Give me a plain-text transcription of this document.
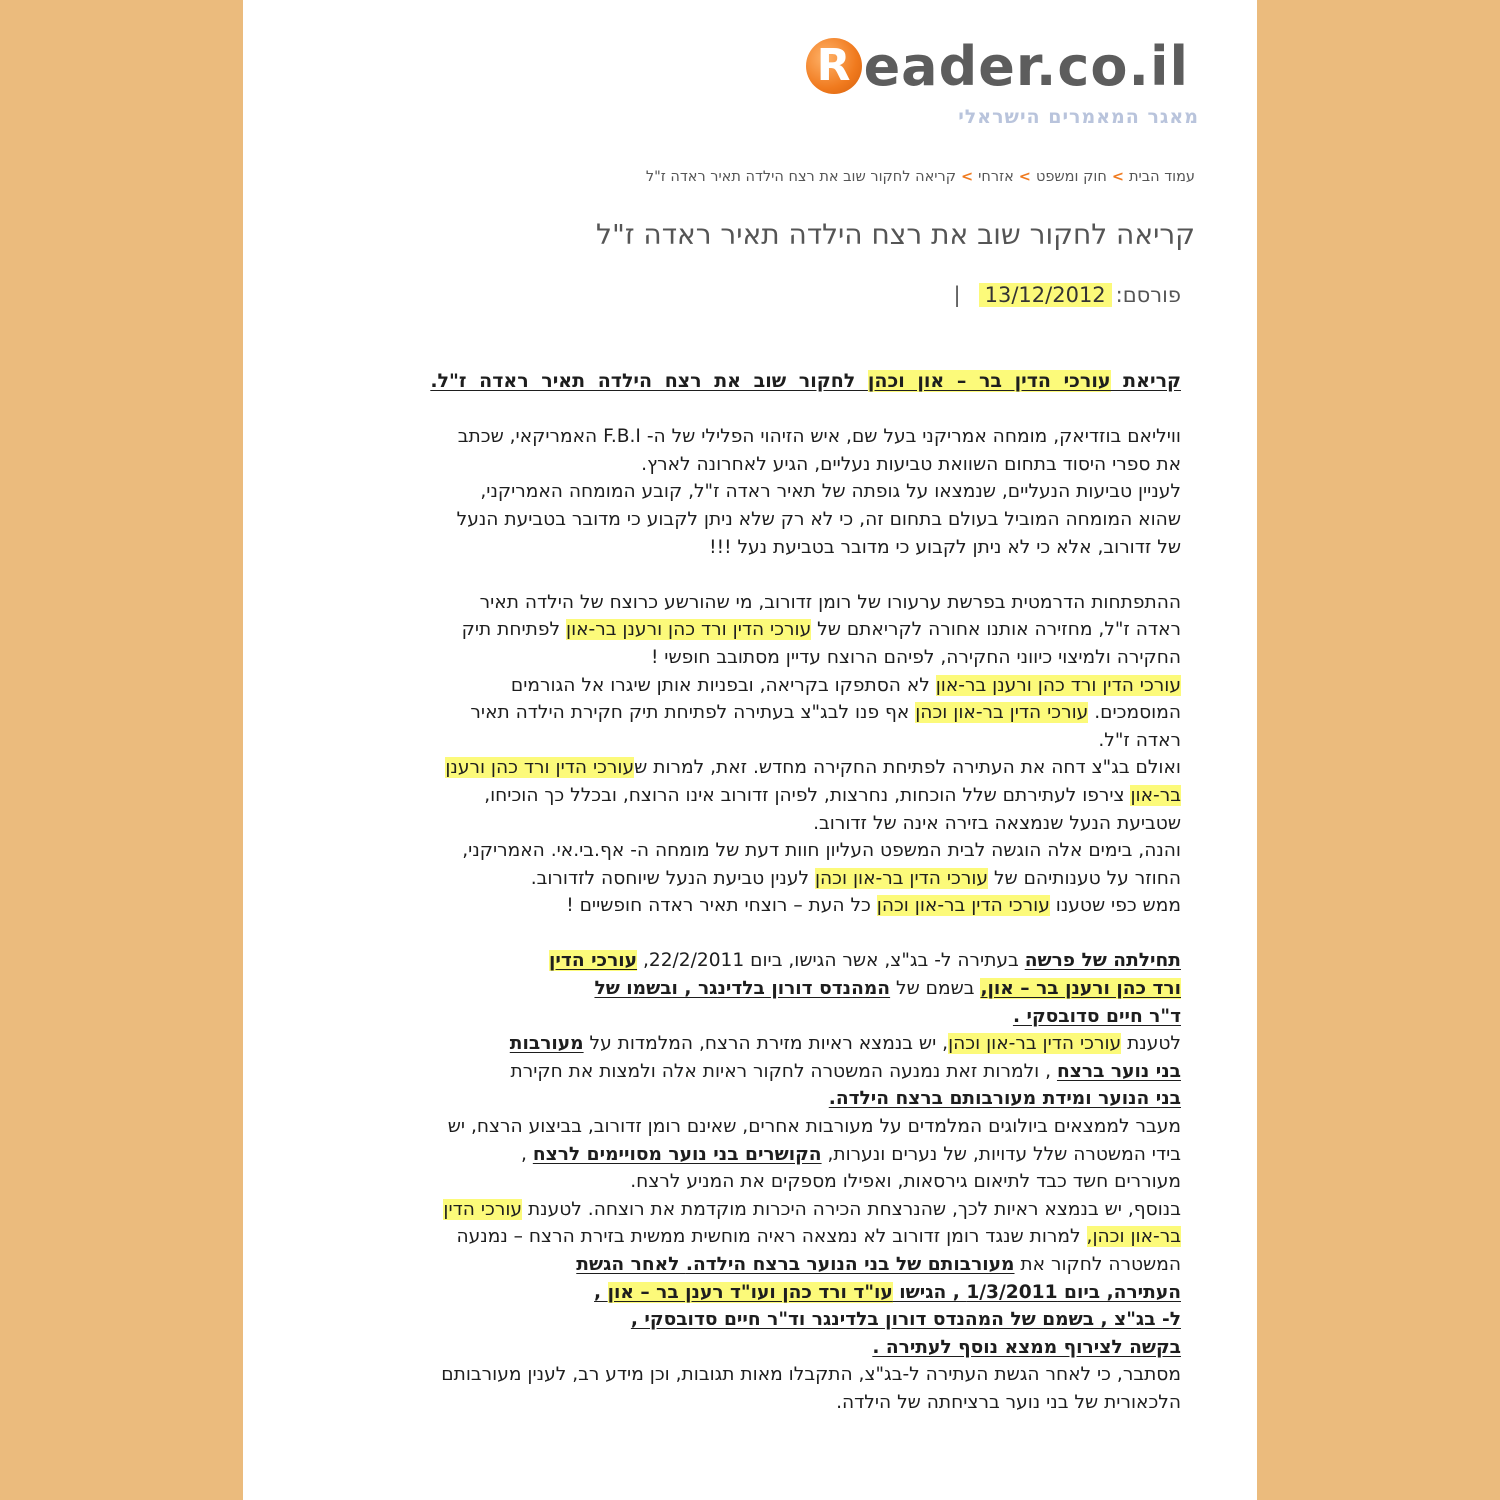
R eader.co.il
מאגר המאמרים הישראלי
עמוד הבית>חוק ומשפט>אזרחי>קריאה לחקור שוב את רצח הילדה תאיר ראדה ז"ל
קריאה לחקור שוב את רצח הילדה תאיר ראדה ז"ל
פורסם:
13/12/2012
|
קריאת עורכי הדין בר – און וכהן לחקור שוב את רצח הילדה תאיר ראדה ז"ל.
וויליאם בוזדיאק, מומחה אמריקני בעל שם, איש הזיהוי הפלילי של ה- F.B.I האמריקאי, שכתב
את ספרי היסוד בתחום השוואת טביעות נעליים, הגיע לאחרונה לארץ.
לעניין טביעות הנעליים, שנמצאו על גופתה של תאיר ראדה ז"ל, קובע המומחה האמריקני,
שהוא המומחה המוביל בעולם בתחום זה, כי לא רק שלא ניתן לקבוע כי מדובר בטביעת הנעל
של זדורוב, אלא כי לא ניתן לקבוע כי מדובר בטביעת נעל !!!
ההתפתחות הדרמטית בפרשת ערעורו של רומן זדורוב, מי שהורשע כרוצח של הילדה תאיר
ראדה ז"ל, מחזירה אותנו אחורה לקריאתם של עורכי הדין ורד כהן ורענן בר-און לפתיחת תיק
החקירה ולמיצוי כיווני החקירה, לפיהם הרוצח עדיין מסתובב חופשי !
עורכי הדין ורד כהן ורענן בר-און לא הסתפקו בקריאה, ובפניות אותן שיגרו אל הגורמים
המוסמכים. עורכי הדין בר-און וכהן אף פנו לבג"צ בעתירה לפתיחת תיק חקירת הילדה תאיר
ראדה ז"ל.
ואולם בג"צ דחה את העתירה לפתיחת החקירה מחדש. זאת, למרות שעורכי הדין ורד כהן ורענן
בר-און צירפו לעתירתם שלל הוכחות, נחרצות, לפיהן זדורוב אינו הרוצח, ובכלל כך הוכיחו,
שטביעת הנעל שנמצאה בזירה אינה של זדורוב.
והנה, בימים אלה הוגשה לבית המשפט העליון חוות דעת של מומחה ה- אף.בי.אי. האמריקני,
החוזר על טענותיהם של עורכי הדין בר-און וכהן לענין טביעת הנעל שיוחסה לזדורוב.
ממש כפי שטענו עורכי הדין בר-און וכהן כל העת – רוצחי תאיר ראדה חופשיים !
תחילתה של פרשה בעתירה ל- בג"צ, אשר הגישו, ביום 22/2/2011, עורכי הדין
ורד כהן ורענן בר – און, בשמם של המהנדס דורון בלדינגר , ובשמו של
ד"ר חיים סדובסקי .
לטענת עורכי הדין בר-און וכהן, יש בנמצא ראיות מזירת הרצח, המלמדות על מעורבות
בני נוער ברצח , ולמרות זאת נמנעה המשטרה לחקור ראיות אלה ולמצות את חקירת
בני הנוער ומידת מעורבותם ברצח הילדה.
מעבר לממצאים ביולוגים המלמדים על מעורבות אחרים, שאינם רומן זדורוב, בביצוע הרצח, יש
בידי המשטרה שלל עדויות, של נערים ונערות, הקושרים בני נוער מסויימים לרצח ,
מעוררים חשד כבד לתיאום גירסאות, ואפילו מספקים את המניע לרצח.
בנוסף, יש בנמצא ראיות לכך, שהנרצחת הכירה היכרות מוקדמת את רוצחה. לטענת עורכי הדין
בר-און וכהן, למרות שנגד רומן זדורוב לא נמצאה ראיה מוחשית ממשית בזירת הרצח – נמנעה
המשטרה לחקור את מעורבותם של בני הנוער ברצח הילדה. לאחר הגשת
העתירה, ביום 1/3/2011 , הגישו עו"ד ורד כהן ועו"ד רענן בר – און ,
ל- בג"צ , בשמם של המהנדס דורון בלדינגר וד"ר חיים סדובסקי ,
בקשה לצירוף ממצא נוסף לעתירה .
מסתבר, כי לאחר הגשת העתירה ל-בג"צ, התקבלו מאות תגובות, וכן מידע רב, לענין מעורבותם
הלכאורית של בני נוער ברציחתה של הילדה.
